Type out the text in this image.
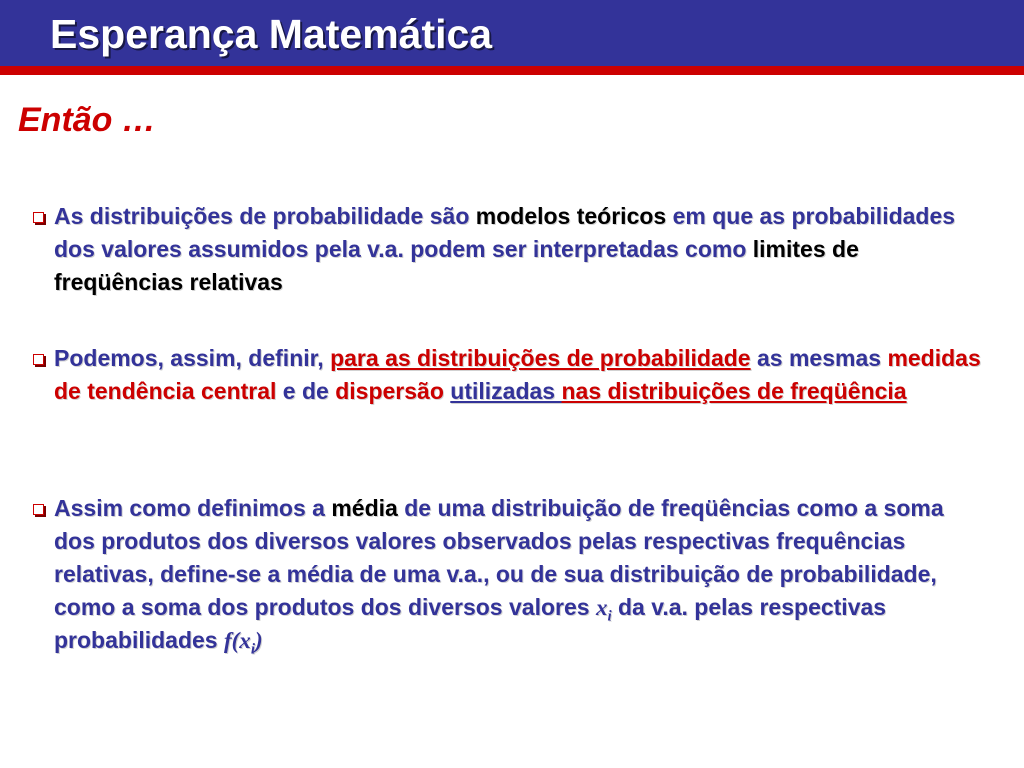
Esperança Matemática
Então …

As distribuições de probabilidade são modelos teóricos em que as probabilidades dos valores assumidos pela v.a. podem ser interpretadas como limites de freqüências relativas

Podemos, assim, definir, para as distribuições de probabilidade as mesmas medidas de tendência central e de dispersão utilizadas nas distribuições de freqüência

Assim como definimos a média de uma distribuição de freqüências como a soma dos produtos dos diversos valores observados pelas respectivas frequências relativas, define-se a média de uma v.a., ou de sua distribuição de probabilidade, como a soma dos produtos dos diversos valores $x_i$ da v.a. pelas respectivas probabilidades $f(x_i)$
